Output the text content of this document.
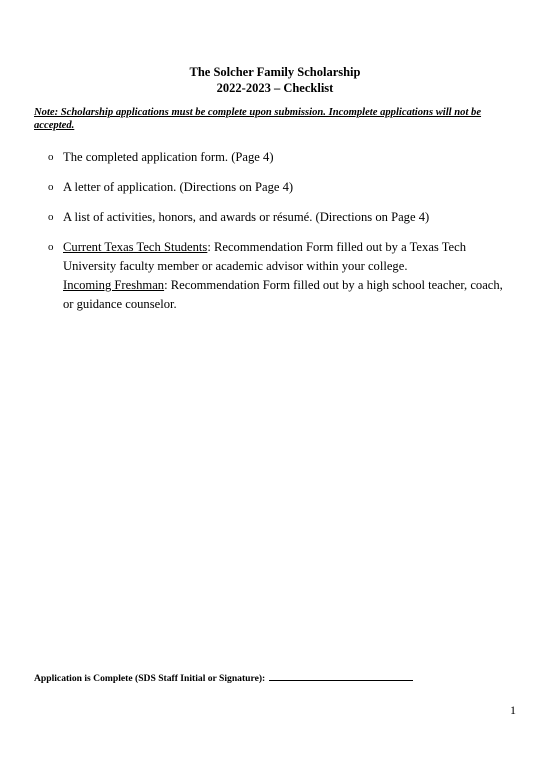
The Solcher Family Scholarship
2022-2023 – Checklist
Note: Scholarship applications must be complete upon submission. Incomplete applications will not be accepted.
o The completed application form. (Page 4)
o A letter of application. (Directions on Page 4)
o A list of activities, honors, and awards or résumé. (Directions on Page 4)
o Current Texas Tech Students: Recommendation Form filled out by a Texas Tech University faculty member or academic advisor within your college.
Incoming Freshman: Recommendation Form filled out by a high school teacher, coach, or guidance counselor.
Application is Complete (SDS Staff Initial or Signature):
1
